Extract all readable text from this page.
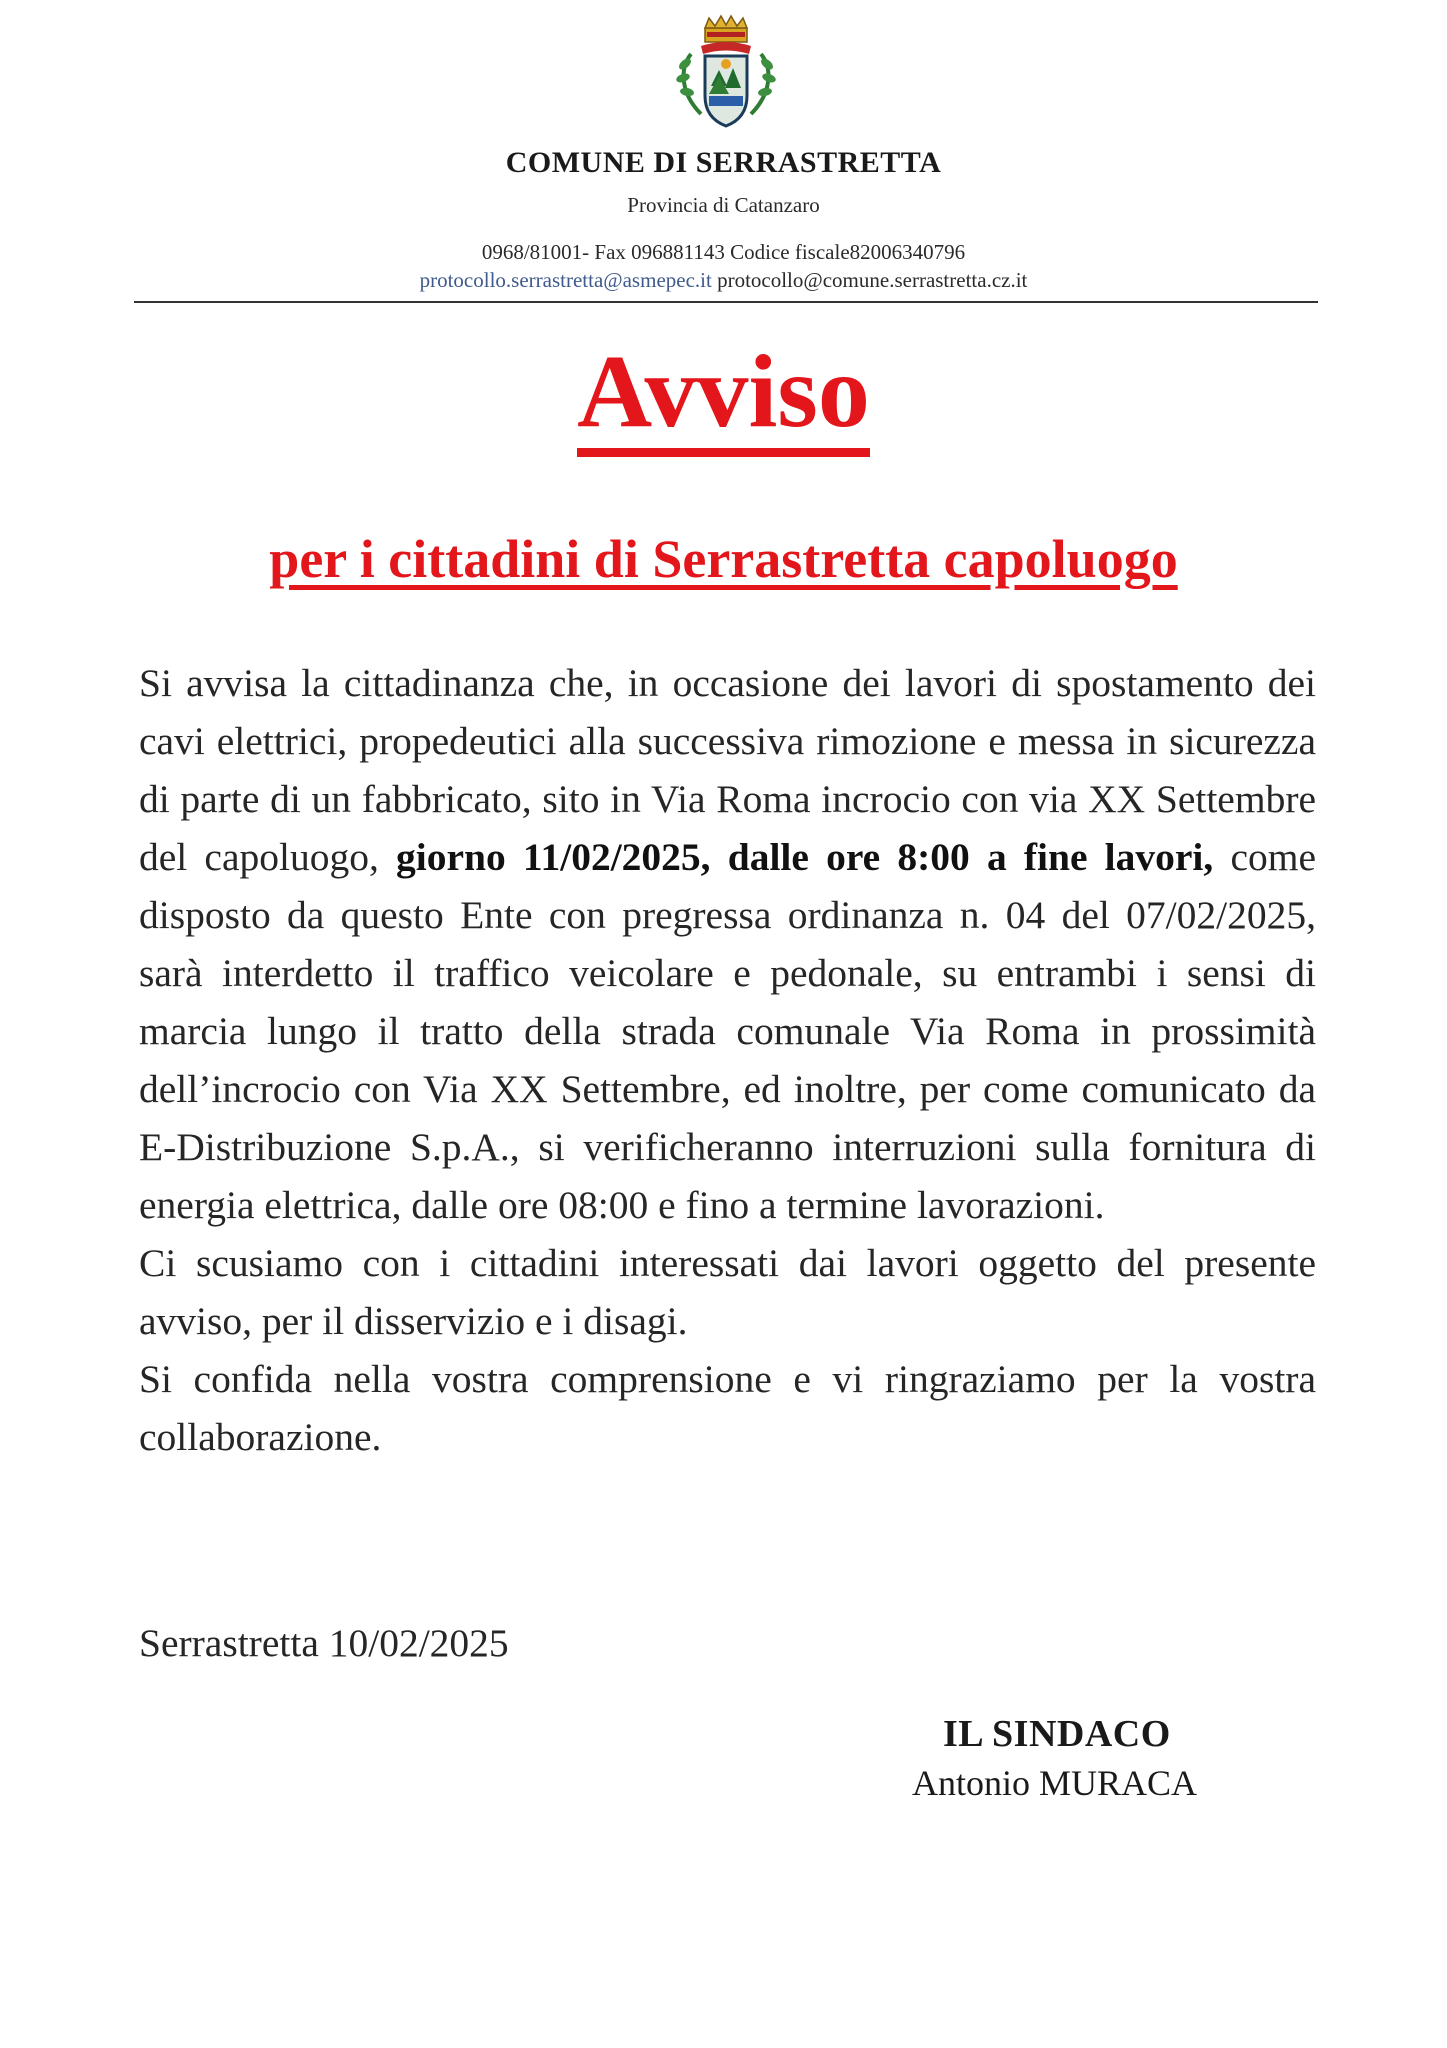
COMUNE DI SERRASTRETTA
Provincia di Catanzaro
0968/81001- Fax 096881143 Codice fiscale82006340796
protocollo.serrastretta@asmepec.it protocollo@comune.serrastretta.cz.it
Avviso
per i cittadini di Serrastretta capoluogo

Si avvisa la cittadinanza che, in occasione dei lavori di spostamento dei cavi elettrici, propedeutici alla successiva rimozione e messa in sicurezza di parte di un fabbricato, sito in Via Roma incrocio con via XX Settembre del capoluogo, giorno 11/02/2025, dalle ore 8:00 a fine lavori, come disposto da questo Ente con pregressa ordinanza n. 04 del 07/02/2025, sarà interdetto il traffico veicolare e pedonale, su entrambi i sensi di marcia lungo il tratto della strada comunale Via Roma in prossimità dell’incrocio con Via XX Settembre, ed inoltre, per come comunicato da E-Distribuzione S.p.A., si verificheranno interruzioni sulla fornitura di energia elettrica, dalle ore 08:00 e fino a termine lavorazioni.

Ci scusiamo con i cittadini interessati dai lavori oggetto del presente avviso, per il disservizio e i disagi.

Si confida nella vostra comprensione e vi ringraziamo per la vostra collaborazione.

Serrastretta 10/02/2025
IL SINDACO
Antonio MURACA
